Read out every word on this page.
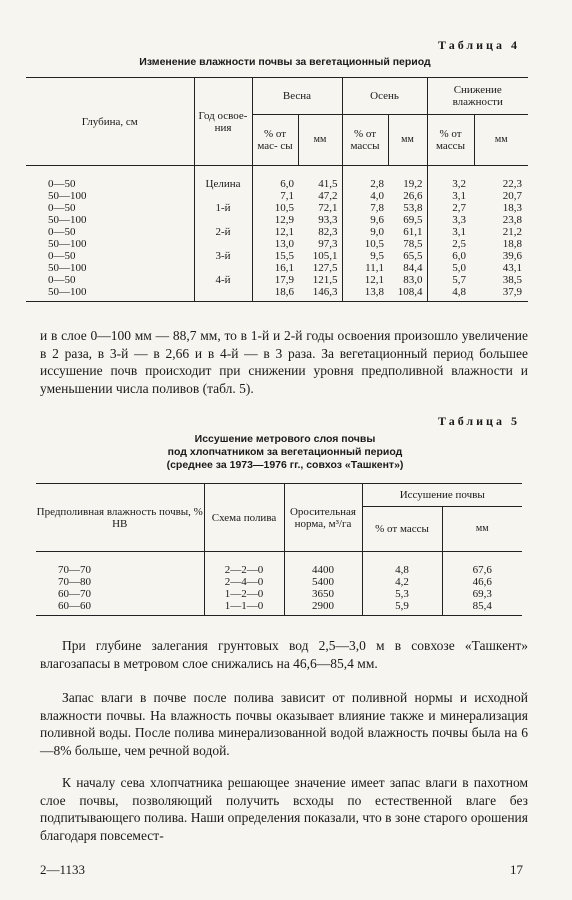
Таблица 4
Изменение влажности почвы за вегетационный период
Глубина, см	Год освое- ния	Весна		Осень		Снижение влажности	
		% от мас- сы	мм	% от массы	мм	% от массы	мм
0—50	Целина	6,0	41,5	2,8	19,2	3,2	22,3
50—100		7,1	47,2	4,0	26,6	3,1	20,7
0—50	1-й	10,5	72,1	7,8	53,8	2,7	18,3
50—100		12,9	93,3	9,6	69,5	3,3	23,8
0—50	2-й	12,1	82,3	9,0	61,1	3,1	21,2
50—100		13,0	97,3	10,5	78,5	2,5	18,8
0—50	3-й	15,5	105,1	9,5	65,5	6,0	39,6
50—100		16,1	127,5	11,1	84,4	5,0	43,1
0—50	4-й	17,9	121,5	12,1	83,0	5,7	38,5
50—100		18,6	146,3	13,8	108,4	4,8	37,9
и в слое 0—100 мм — 88,7 мм, то в 1-й и 2-й годы освоения произошло увеличение в 2 раза, в 3-й — в 2,66 и в 4-й — в 3 раза. За вегетационный период большее иссушение почв происходит при снижении уровня предполивной влажности и уменьшении числа поливов (табл. 5).
Таблица 5
Иссушение метрового слоя почвы
под хлопчатником за вегетационный период
(среднее за 1973—1976 гг., совхоз «Ташкент»)
Предполивная влажность почвы, % НВ	Схема полива	Оросительная норма, м³/га	Иссушение почвы	
			% от массы	мм
70—70	2—2—0	4400	4,8	67,6
70—80	2—4—0	5400	4,2	46,6
60—70	1—2—0	3650	5,3	69,3
60—60	1—1—0	2900	5,9	85,4
При глубине залегания грунтовых вод 2,5—3,0 м в совхозе «Ташкент» влагозапасы в метровом слое снижались на 46,6—85,4 мм.
Запас влаги в почве после полива зависит от поливной нормы и исходной влажности почвы. На влажность почвы оказывает влияние также и минерализация поливной воды. После полива минерализованной водой влажность почвы была на 6—8% больше, чем речной водой.
К началу сева хлопчатника решающее значение имеет запас влаги в пахотном слое почвы, позволяющий получить всходы по естественной влаге без подпитывающего полива. Наши определения показали, что в зоне старого орошения благодаря повсемест-
2—1133	17
